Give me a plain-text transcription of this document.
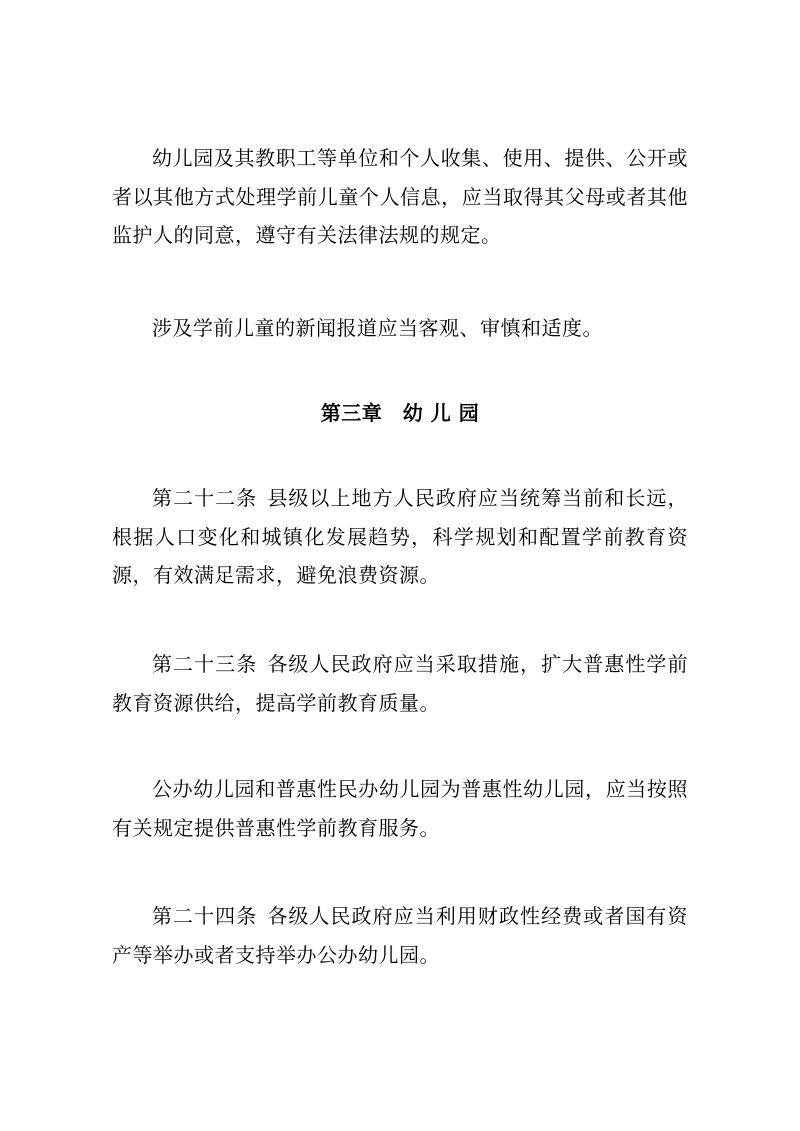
幼儿园及其教职工等单位和个人收集、使用、提供、公开或者以其他方式处理学前儿童个人信息，应当取得其父母或者其他监护人的同意，遵守有关法律法规的规定。

涉及学前儿童的新闻报道应当客观、审慎和适度。

第三章　幼 儿 园

第二十二条 县级以上地方人民政府应当统筹当前和长远，根据人口变化和城镇化发展趋势，科学规划和配置学前教育资源，有效满足需求，避免浪费资源。

第二十三条 各级人民政府应当采取措施，扩大普惠性学前教育资源供给，提高学前教育质量。

公办幼儿园和普惠性民办幼儿园为普惠性幼儿园，应当按照有关规定提供普惠性学前教育服务。

第二十四条 各级人民政府应当利用财政性经费或者国有资产等举办或者支持举办公办幼儿园。
